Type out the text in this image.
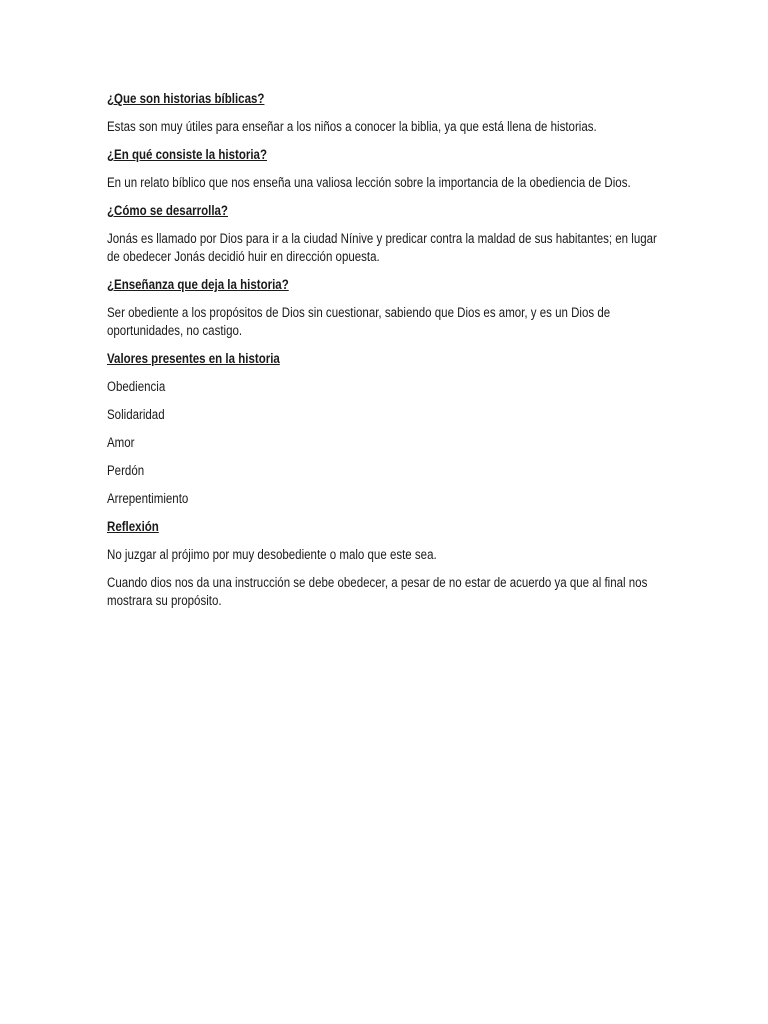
¿Que son historias bíblicas?

Estas son muy útiles para enseñar a los niños a conocer la biblia, ya que está llena de historias.

¿En qué consiste la historia?

En un relato bíblico que nos enseña una valiosa lección sobre la importancia de la obediencia de Dios.

¿Cómo se desarrolla?

Jonás es llamado por Dios para ir a la ciudad Nínive y predicar contra la maldad de sus habitantes; en lugar de obedecer Jonás decidió huir en dirección opuesta.

¿Enseñanza que deja la historia?

Ser obediente a los propósitos de Dios sin cuestionar, sabiendo que Dios es amor, y es un Dios de oportunidades, no castigo.

Valores presentes en la historia

Obediencia

Solidaridad

Amor

Perdón

Arrepentimiento

Reflexión

No juzgar al prójimo por muy desobediente o malo que este sea.

Cuando dios nos da una instrucción se debe obedecer, a pesar de no estar de acuerdo ya que al final nos mostrara su propósito.
